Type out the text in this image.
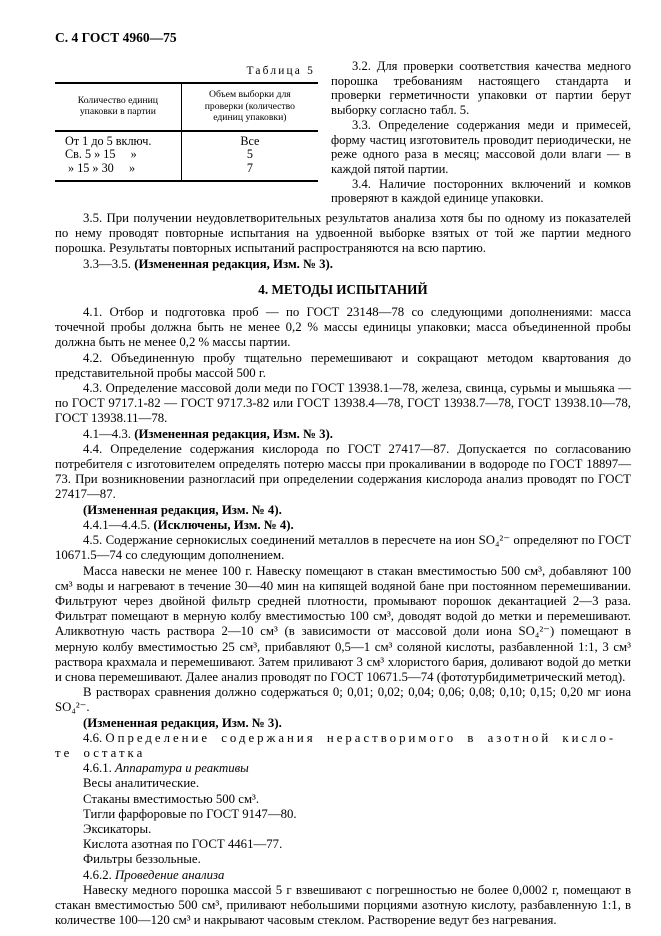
С. 4 ГОСТ 4960—75
Таблица 5
Количество единиц упаковки в партии	Объем выборки для проверки (количество единиц упаковки)
От 1 до 5 включ.	Все
Св. 5 » 15     »	5
» 15 » 30     »	7

3.2. Для проверки соответствия качества медного порошка требованиям настоящего стандарта и проверки герметичности упаковки от партии берут выборку согласно табл. 5.

3.3. Определение содержания меди и примесей, форму частиц изготовитель проводит периодически, не реже одного раза в месяц; массовой доли влаги — в каждой пятой партии.

3.4. Наличие посторонних включений и комков проверяют в каждой единице упаковки.

3.5. При получении неудовлетворительных результатов анализа хотя бы по одному из показателей по нему проводят повторные испытания на удвоенной выборке взятых от той же партии медного порошка. Результаты повторных испытаний распространяются на всю партию.

3.3—3.5. (Измененная редакция, Изм. № 3).

4. МЕТОДЫ ИСПЫТАНИЙ

4.1. Отбор и подготовка проб — по ГОСТ 23148—78 со следующими дополнениями: масса точечной пробы должна быть не менее 0,2 % массы единицы упаковки; масса объединенной пробы должна быть не менее 0,2 % массы партии.

4.2. Объединенную пробу тщательно перемешивают и сокращают методом квартования до представительной пробы массой 500 г.

4.3. Определение массовой доли меди по ГОСТ 13938.1—78, железа, свинца, сурьмы и мышьяка — по ГОСТ 9717.1-82 — ГОСТ 9717.3-82 или ГОСТ 13938.4—78, ГОСТ 13938.7—78, ГОСТ 13938.10—78, ГОСТ 13938.11—78.

4.1—4.3. (Измененная редакция, Изм. № 3).

4.4. Определение содержания кислорода по ГОСТ 27417—87. Допускается по согласованию потребителя с изготовителем определять потерю массы при прокаливании в водороде по ГОСТ 18897—73. При возникновении разногласий при определении содержания кислорода анализ проводят по ГОСТ 27417—87.

(Измененная редакция, Изм. № 4).

4.4.1—4.4.5. (Исключены, Изм. № 4).

4.5. Содержание сернокислых соединений металлов в пересчете на ион SO₄²⁻ определяют по ГОСТ 10671.5—74 со следующим дополнением.

Масса навески не менее 100 г. Навеску помещают в стакан вместимостью 500 см³, добавляют 100 см³ воды и нагревают в течение 30—40 мин на кипящей водяной бане при постоянном перемешивании. Фильтруют через двойной фильтр средней плотности, промывают порошок декантацией 2—3 раза. Фильтрат помещают в мерную колбу вместимостью 100 см³, доводят водой до метки и перемешивают. Аликвотную часть раствора 2—10 см³ (в зависимости от массовой доли иона SO₄²⁻) помещают в мерную колбу вместимостью 25 см³, прибавляют 0,5—1 см³ соляной кислоты, разбавленной 1:1, 3 см³ раствора крахмала и перемешивают. Затем приливают 3 см³ хлористого бария, доливают водой до метки и снова перемешивают. Далее анализ проводят по ГОСТ 10671.5—74 (фототурбидиметрический метод).

В растворах сравнения должно содержаться 0; 0,01; 0,02; 0,04; 0,06; 0,08; 0,10; 0,15; 0,20 мг иона SO₄²⁻.

(Измененная редакция, Изм. № 3).

4.6. Определение содержания нерастворимого в азотной кисло-
те остатка

4.6.1. Аппаратура и реактивы

Весы аналитические.

Стаканы вместимостью 500 см³.

Тигли фарфоровые по ГОСТ 9147—80.

Эксикаторы.

Кислота азотная по ГОСТ 4461—77.

Фильтры беззольные.

4.6.2. Проведение анализа

Навеску медного порошка массой 5 г взвешивают с погрешностью не более 0,0002 г, помещают в стакан вместимостью 500 см³, приливают небольшими порциями азотную кислоту, разбавленную 1:1, в количестве 100—120 см³ и накрывают часовым стеклом. Растворение ведут без нагревания.
